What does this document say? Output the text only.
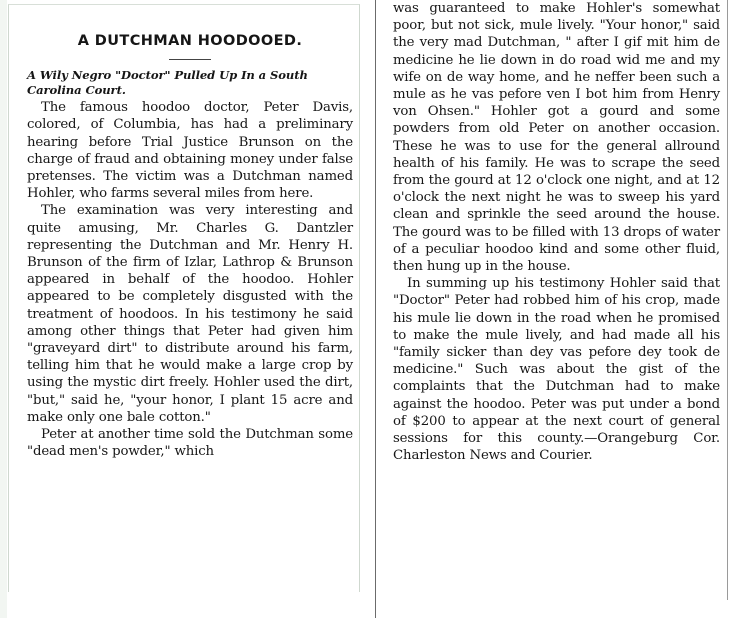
A DUTCHMAN HOODOOED.
A Wily Negro "Doctor" Pulled Up In a South Carolina Court.

The famous hoodoo doctor, Peter Davis, colored, of Columbia, has had a preliminary hearing before Trial Justice Brunson on the charge of fraud and obtaining money under false pretenses. The victim was a Dutchman named Hohler, who farms several miles from here.

The examination was very interesting and quite amusing, Mr. Charles G. Dantzler representing the Dutchman and Mr. Henry H. Brunson of the firm of Izlar, Lathrop & Brunson appeared in behalf of the hoodoo. Hohler appeared to be completely disgusted with the treatment of hoodoos. In his testimony he said among other things that Peter had given him "graveyard dirt" to distribute around his farm, telling him that he would make a large crop by using the mystic dirt freely. Hohler used the dirt, "but," said he, "your honor, I plant 15 acre and make only one bale cotton."

Peter at another time sold the Dutchman some "dead men's powder," which

was guaranteed to make Hohler's somewhat poor, but not sick, mule lively. "Your honor," said the very mad Dutchman, " after I gif mit him de medicine he lie down in do road wid me and my wife on de way home, and he neffer been such a mule as he vas pefore ven I bot him from Henry von Ohsen." Hohler got a gourd and some powders from old Peter on another occasion. These he was to use for the general allround health of his family. He was to scrape the seed from the gourd at 12 o'clock one night, and at 12 o'clock the next night he was to sweep his yard clean and sprinkle the seed around the house. The gourd was to be filled with 13 drops of water of a peculiar hoodoo kind and some other fluid, then hung up in the house.

In summing up his testimony Hohler said that "Doctor" Peter had robbed him of his crop, made his mule lie down in the road when he promised to make the mule lively, and had made all his "family sicker than dey vas pefore dey took de medicine." Such was about the gist of the complaints that the Dutchman had to make against the hoodoo. Peter was put under a bond of $200 to appear at the next court of general sessions for this county.—Orangeburg Cor. Charleston News and Courier.
